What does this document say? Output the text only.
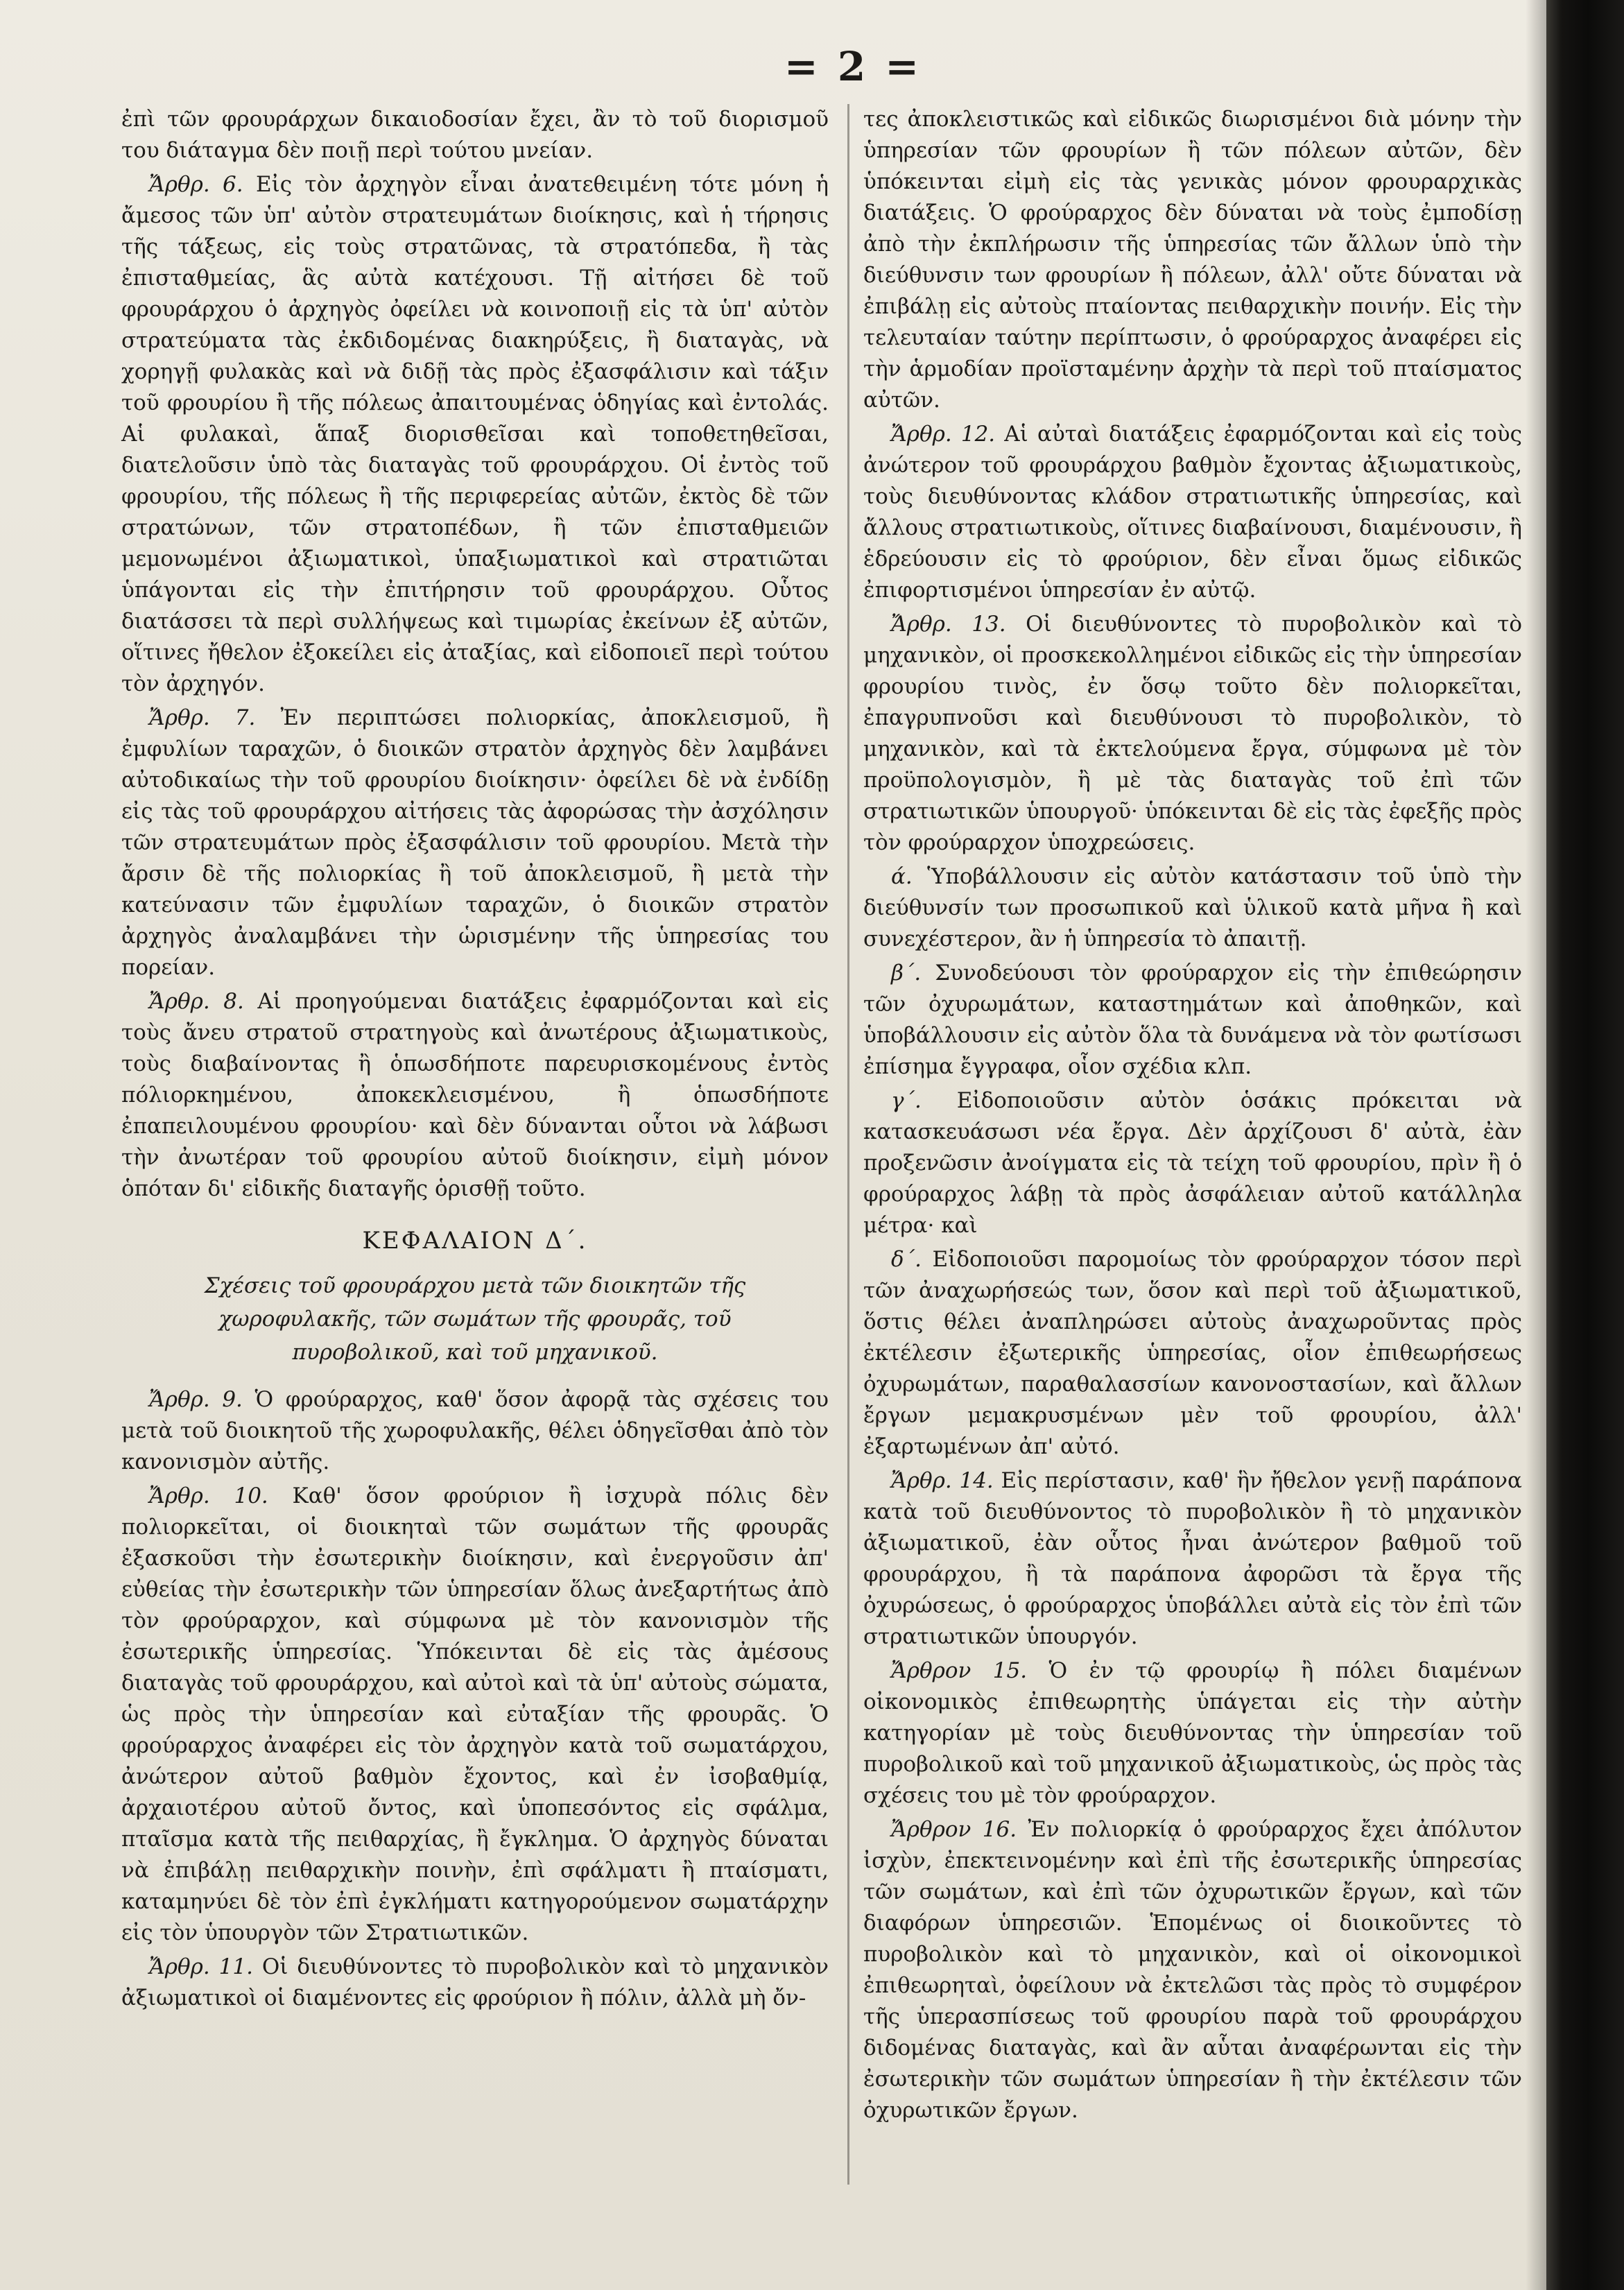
= 2 =

ἐπὶ τῶν φρουράρχων δικαιοδοσίαν ἔχει, ἂν τὸ τοῦ διορισμοῦ του διάταγμα δὲν ποιῇ περὶ τούτου μνείαν.

Ἄρθρ. 6. Εἰς τὸν ἀρχηγὸν εἶναι ἀνατεθειμένη τότε μόνη ἡ ἄμεσος τῶν ὑπ' αὐτὸν στρατευμάτων διοίκησις, καὶ ἡ τήρησις τῆς τάξεως, εἰς τοὺς στρατῶνας, τὰ στρατόπεδα, ἢ τὰς ἐπισταθμείας, ἃς αὐτὰ κατέχουσι. Τῇ αἰτήσει δὲ τοῦ φρουράρχου ὁ ἀρχηγὸς ὀφείλει νὰ κοινοποιῇ εἰς τὰ ὑπ' αὐτὸν στρατεύματα τὰς ἐκδιδομένας διακηρύξεις, ἢ διαταγὰς, νὰ χορηγῇ φυλακὰς καὶ νὰ διδῇ τὰς πρὸς ἐξασφάλισιν καὶ τάξιν τοῦ φρουρίου ἢ τῆς πόλεως ἀπαιτουμένας ὁδηγίας καὶ ἐντολάς. Αἱ φυλακαὶ, ἅπαξ διορισθεῖσαι καὶ τοποθετηθεῖσαι, διατελοῦσιν ὑπὸ τὰς διαταγὰς τοῦ φρουράρχου. Οἱ ἐντὸς τοῦ φρουρίου, τῆς πόλεως ἢ τῆς περιφερείας αὐτῶν, ἐκτὸς δὲ τῶν στρατώνων, τῶν στρατοπέδων, ἢ τῶν ἐπισταθμειῶν μεμονωμένοι ἀξιωματικοὶ, ὑπαξιωματικοὶ καὶ στρατιῶται ὑπάγονται εἰς τὴν ἐπιτήρησιν τοῦ φρουράρχου. Οὗτος διατάσσει τὰ περὶ συλλήψεως καὶ τιμωρίας ἐκείνων ἐξ αὐτῶν, οἵτινες ἤθελον ἐξοκείλει εἰς ἀταξίας, καὶ εἰδοποιεῖ περὶ τούτου τὸν ἀρχηγόν.

Ἄρθρ. 7. Ἐν περιπτώσει πολιορκίας, ἀποκλεισμοῦ, ἢ ἐμφυλίων ταραχῶν, ὁ διοικῶν στρατὸν ἀρχηγὸς δὲν λαμβάνει αὐτοδικαίως τὴν τοῦ φρουρίου διοίκησιν· ὀφείλει δὲ νὰ ἐνδίδῃ εἰς τὰς τοῦ φρουράρχου αἰτήσεις τὰς ἀφορώσας τὴν ἀσχόλησιν τῶν στρατευμάτων πρὸς ἐξασφάλισιν τοῦ φρουρίου. Μετὰ τὴν ἄρσιν δὲ τῆς πολιορκίας ἢ τοῦ ἀποκλεισμοῦ, ἢ μετὰ τὴν κατεύνασιν τῶν ἐμφυλίων ταραχῶν, ὁ διοικῶν στρατὸν ἀρχηγὸς ἀναλαμβάνει τὴν ὡρισμένην τῆς ὑπηρεσίας του πορείαν.

Ἄρθρ. 8. Αἱ προηγούμεναι διατάξεις ἐφαρμόζονται καὶ εἰς τοὺς ἄνευ στρατοῦ στρατηγοὺς καὶ ἀνωτέρους ἀξιωματικοὺς, τοὺς διαβαίνοντας ἢ ὁπωσδήποτε παρευρισκομένους ἐντὸς πόλιορκημένου, ἀποκεκλεισμένου, ἢ ὁπωσδήποτε ἐπαπειλουμένου φρουρίου· καὶ δὲν δύνανται οὗτοι νὰ λάβωσι τὴν ἀνωτέραν τοῦ φρουρίου αὐτοῦ διοίκησιν, εἰμὴ μόνον ὁπόταν δι' εἰδικῆς διαταγῆς ὁρισθῇ τοῦτο.

ΚΕΦΑΛΑΙΟΝ Δ΄.
Σχέσεις τοῦ φρουράρχου μετὰ τῶν διοικητῶν τῆς χωροφυλακῆς, τῶν σωμάτων τῆς φρουρᾶς, τοῦ πυροβολικοῦ, καὶ τοῦ μηχανικοῦ.

Ἄρθρ. 9. Ὁ φρούραρχος, καθ' ὅσον ἀφορᾷ τὰς σχέσεις του μετὰ τοῦ διοικητοῦ τῆς χωροφυλακῆς, θέλει ὁδηγεῖσθαι ἀπὸ τὸν κανονισμὸν αὐτῆς.

Ἄρθρ. 10. Καθ' ὅσον φρούριον ἢ ἰσχυρὰ πόλις δὲν πολιορκεῖται, οἱ διοικηταὶ τῶν σωμάτων τῆς φρουρᾶς ἐξασκοῦσι τὴν ἐσωτερικὴν διοίκησιν, καὶ ἐνεργοῦσιν ἀπ' εὐθείας τὴν ἐσωτερικὴν τῶν ὑπηρεσίαν ὅλως ἀνεξαρτήτως ἀπὸ τὸν φρούραρχον, καὶ σύμφωνα μὲ τὸν κανονισμὸν τῆς ἐσωτερικῆς ὑπηρεσίας. Ὑπόκεινται δὲ εἰς τὰς ἀμέσους διαταγὰς τοῦ φρουράρχου, καὶ αὐτοὶ καὶ τὰ ὑπ' αὐτοὺς σώματα, ὡς πρὸς τὴν ὑπηρεσίαν καὶ εὐταξίαν τῆς φρουρᾶς. Ὁ φρούραρχος ἀναφέρει εἰς τὸν ἀρχηγὸν κατὰ τοῦ σωματάρχου, ἀνώτερον αὐτοῦ βαθμὸν ἔχοντος, καὶ ἐν ἰσοβαθμίᾳ, ἀρχαιοτέρου αὐτοῦ ὄντος, καὶ ὑποπεσόντος εἰς σφάλμα, πταῖσμα κατὰ τῆς πειθαρχίας, ἢ ἔγκλημα. Ὁ ἀρχηγὸς δύναται νὰ ἐπιβάλῃ πειθαρχικὴν ποινὴν, ἐπὶ σφάλματι ἢ πταίσματι, καταμηνύει δὲ τὸν ἐπὶ ἐγκλήματι κατηγορούμενον σωματάρχην εἰς τὸν ὑπουργὸν τῶν Στρατιωτικῶν.

Ἄρθρ. 11. Οἱ διευθύνοντες τὸ πυροβολικὸν καὶ τὸ μηχανικὸν ἀξιωματικοὶ οἱ διαμένοντες εἰς φρούριον ἢ πόλιν, ἀλλὰ μὴ ὄν-

τες ἀποκλειστικῶς καὶ εἰδικῶς διωρισμένοι διὰ μόνην τὴν ὑπηρεσίαν τῶν φρουρίων ἢ τῶν πόλεων αὐτῶν, δὲν ὑπόκεινται εἰμὴ εἰς τὰς γενικὰς μόνον φρουραρχικὰς διατάξεις. Ὁ φρούραρχος δὲν δύναται νὰ τοὺς ἐμποδίσῃ ἀπὸ τὴν ἐκπλήρωσιν τῆς ὑπηρεσίας τῶν ἄλλων ὑπὸ τὴν διεύθυνσιν των φρουρίων ἢ πόλεων, ἀλλ' οὔτε δύναται νὰ ἐπιβάλῃ εἰς αὐτοὺς πταίοντας πειθαρχικὴν ποινήν. Εἰς τὴν τελευταίαν ταύτην περίπτωσιν, ὁ φρούραρχος ἀναφέρει εἰς τὴν ἁρμοδίαν προϊσταμένην ἀρχὴν τὰ περὶ τοῦ πταίσματος αὐτῶν.

Ἄρθρ. 12. Αἱ αὐταὶ διατάξεις ἐφαρμόζονται καὶ εἰς τοὺς ἀνώτερον τοῦ φρουράρχου βαθμὸν ἔχοντας ἀξιωματικοὺς, τοὺς διευθύνοντας κλάδον στρατιωτικῆς ὑπηρεσίας, καὶ ἄλλους στρατιωτικοὺς, οἵτινες διαβαίνουσι, διαμένουσιν, ἢ ἑδρεύουσιν εἰς τὸ φρούριον, δὲν εἶναι ὅμως εἰδικῶς ἐπιφορτισμένοι ὑπηρεσίαν ἐν αὐτῷ.

Ἄρθρ. 13. Οἱ διευθύνοντες τὸ πυροβολικὸν καὶ τὸ μηχανικὸν, οἱ προσκεκολλημένοι εἰδικῶς εἰς τὴν ὑπηρεσίαν φρουρίου τινὸς, ἐν ὅσῳ τοῦτο δὲν πολιορκεῖται, ἐπαγρυπνοῦσι καὶ διευθύνουσι τὸ πυροβολικὸν, τὸ μηχανικὸν, καὶ τὰ ἐκτελούμενα ἔργα, σύμφωνα μὲ τὸν προϋπολογισμὸν, ἢ μὲ τὰς διαταγὰς τοῦ ἐπὶ τῶν στρατιωτικῶν ὑπουργοῦ· ὑπόκεινται δὲ εἰς τὰς ἐφεξῆς πρὸς τὸν φρούραρχον ὑποχρεώσεις.

ά. Ὑποβάλλουσιν εἰς αὐτὸν κατάστασιν τοῦ ὑπὸ τὴν διεύθυνσίν των προσωπικοῦ καὶ ὑλικοῦ κατὰ μῆνα ἢ καὶ συνεχέστερον, ἂν ἡ ὑπηρεσία τὸ ἀπαιτῇ.

β΄. Συνοδεύουσι τὸν φρούραρχον εἰς τὴν ἐπιθεώρησιν τῶν ὀχυρωμάτων, καταστημάτων καὶ ἀποθηκῶν, καὶ ὑποβάλλουσιν εἰς αὐτὸν ὅλα τὰ δυνάμενα νὰ τὸν φωτίσωσι ἐπίσημα ἔγγραφα, οἷον σχέδια κλπ.

γ΄. Εἰδοποιοῦσιν αὐτὸν ὁσάκις πρόκειται νὰ κατασκευάσωσι νέα ἔργα. Δὲν ἀρχίζουσι δ' αὐτὰ, ἐὰν προξενῶσιν ἀνοίγματα εἰς τὰ τείχη τοῦ φρουρίου, πρὶν ἢ ὁ φρούραρχος λάβῃ τὰ πρὸς ἀσφάλειαν αὐτοῦ κατάλληλα μέτρα· καὶ

δ΄. Εἰδοποιοῦσι παρομοίως τὸν φρούραρχον τόσον περὶ τῶν ἀναχωρήσεώς των, ὅσον καὶ περὶ τοῦ ἀξιωματικοῦ, ὅστις θέλει ἀναπληρώσει αὐτοὺς ἀναχωροῦντας πρὸς ἐκτέλεσιν ἐξωτερικῆς ὑπηρεσίας, οἷον ἐπιθεωρήσεως ὀχυρωμάτων, παραθαλασσίων κανονοστασίων, καὶ ἄλλων ἔργων μεμακρυσμένων μὲν τοῦ φρουρίου, ἀλλ' ἐξαρτωμένων ἀπ' αὐτό.

Ἄρθρ. 14. Εἰς περίστασιν, καθ' ἣν ἤθελον γενῇ παράπονα κατὰ τοῦ διευθύνοντος τὸ πυροβολικὸν ἢ τὸ μηχανικὸν ἀξιωματικοῦ, ἐὰν οὗτος ἦναι ἀνώτερον βαθμοῦ τοῦ φρουράρχου, ἢ τὰ παράπονα ἀφορῶσι τὰ ἔργα τῆς ὀχυρώσεως, ὁ φρούραρχος ὑποβάλλει αὐτὰ εἰς τὸν ἐπὶ τῶν στρατιωτικῶν ὑπουργόν.

Ἄρθρον 15. Ὁ ἐν τῷ φρουρίῳ ἢ πόλει διαμένων οἰκονομικὸς ἐπιθεωρητὴς ὑπάγεται εἰς τὴν αὐτὴν κατηγορίαν μὲ τοὺς διευθύνοντας τὴν ὑπηρεσίαν τοῦ πυροβολικοῦ καὶ τοῦ μηχανικοῦ ἀξιωματικοὺς, ὡς πρὸς τὰς σχέσεις του μὲ τὸν φρούραρχον.

Ἄρθρον 16. Ἐν πολιορκίᾳ ὁ φρούραρχος ἔχει ἀπόλυτον ἰσχὺν, ἐπεκτεινομένην καὶ ἐπὶ τῆς ἐσωτερικῆς ὑπηρεσίας τῶν σωμάτων, καὶ ἐπὶ τῶν ὀχυρωτικῶν ἔργων, καὶ τῶν διαφόρων ὑπηρεσιῶν. Ἑπομένως οἱ διοικοῦντες τὸ πυροβολικὸν καὶ τὸ μηχανικὸν, καὶ οἱ οἰκονομικοὶ ἐπιθεωρηταὶ, ὀφείλουν νὰ ἐκτελῶσι τὰς πρὸς τὸ συμφέρον τῆς ὑπερασπίσεως τοῦ φρουρίου παρὰ τοῦ φρουράρχου διδομένας διαταγὰς, καὶ ἂν αὗται ἀναφέρωνται εἰς τὴν ἐσωτερικὴν τῶν σωμάτων ὑπηρεσίαν ἢ τὴν ἐκτέλεσιν τῶν ὀχυρωτικῶν ἔργων.
